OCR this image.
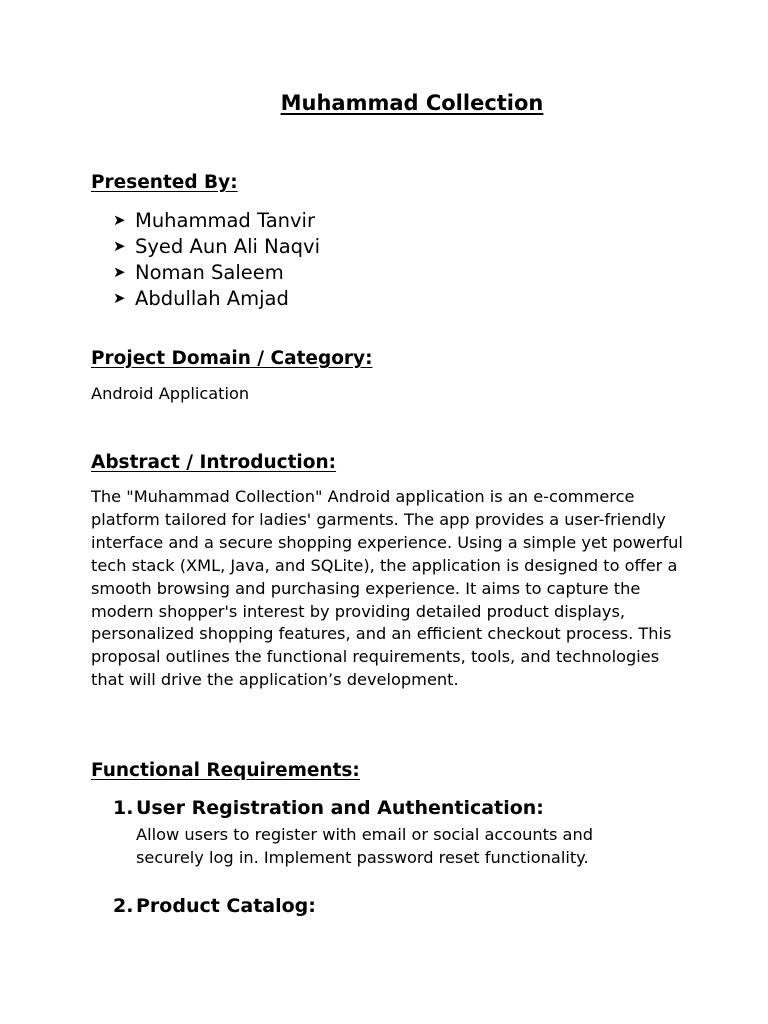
Muhammad Collection
Presented By:
➤ Muhammad Tanvir
➤ Syed Aun Ali Naqvi
➤ Noman Saleem
➤ Abdullah Amjad
Project Domain / Category:

Android Application

Abstract / Introduction:

The "Muhammad Collection" Android application is an e-commerce platform tailored for ladies' garments. The app provides a user-friendly interface and a secure shopping experience. Using a simple yet powerful tech stack (XML, Java, and SQLite), the application is designed to offer a smooth browsing and purchasing experience. It aims to capture the modern shopper's interest by providing detailed product displays, personalized shopping features, and an efficient checkout process. This proposal outlines the functional requirements, tools, and technologies that will drive the application’s development.

Functional Requirements:
1. User Registration and Authentication:

Allow users to register with email or social accounts and securely log in. Implement password reset functionality.

2. Product Catalog:
